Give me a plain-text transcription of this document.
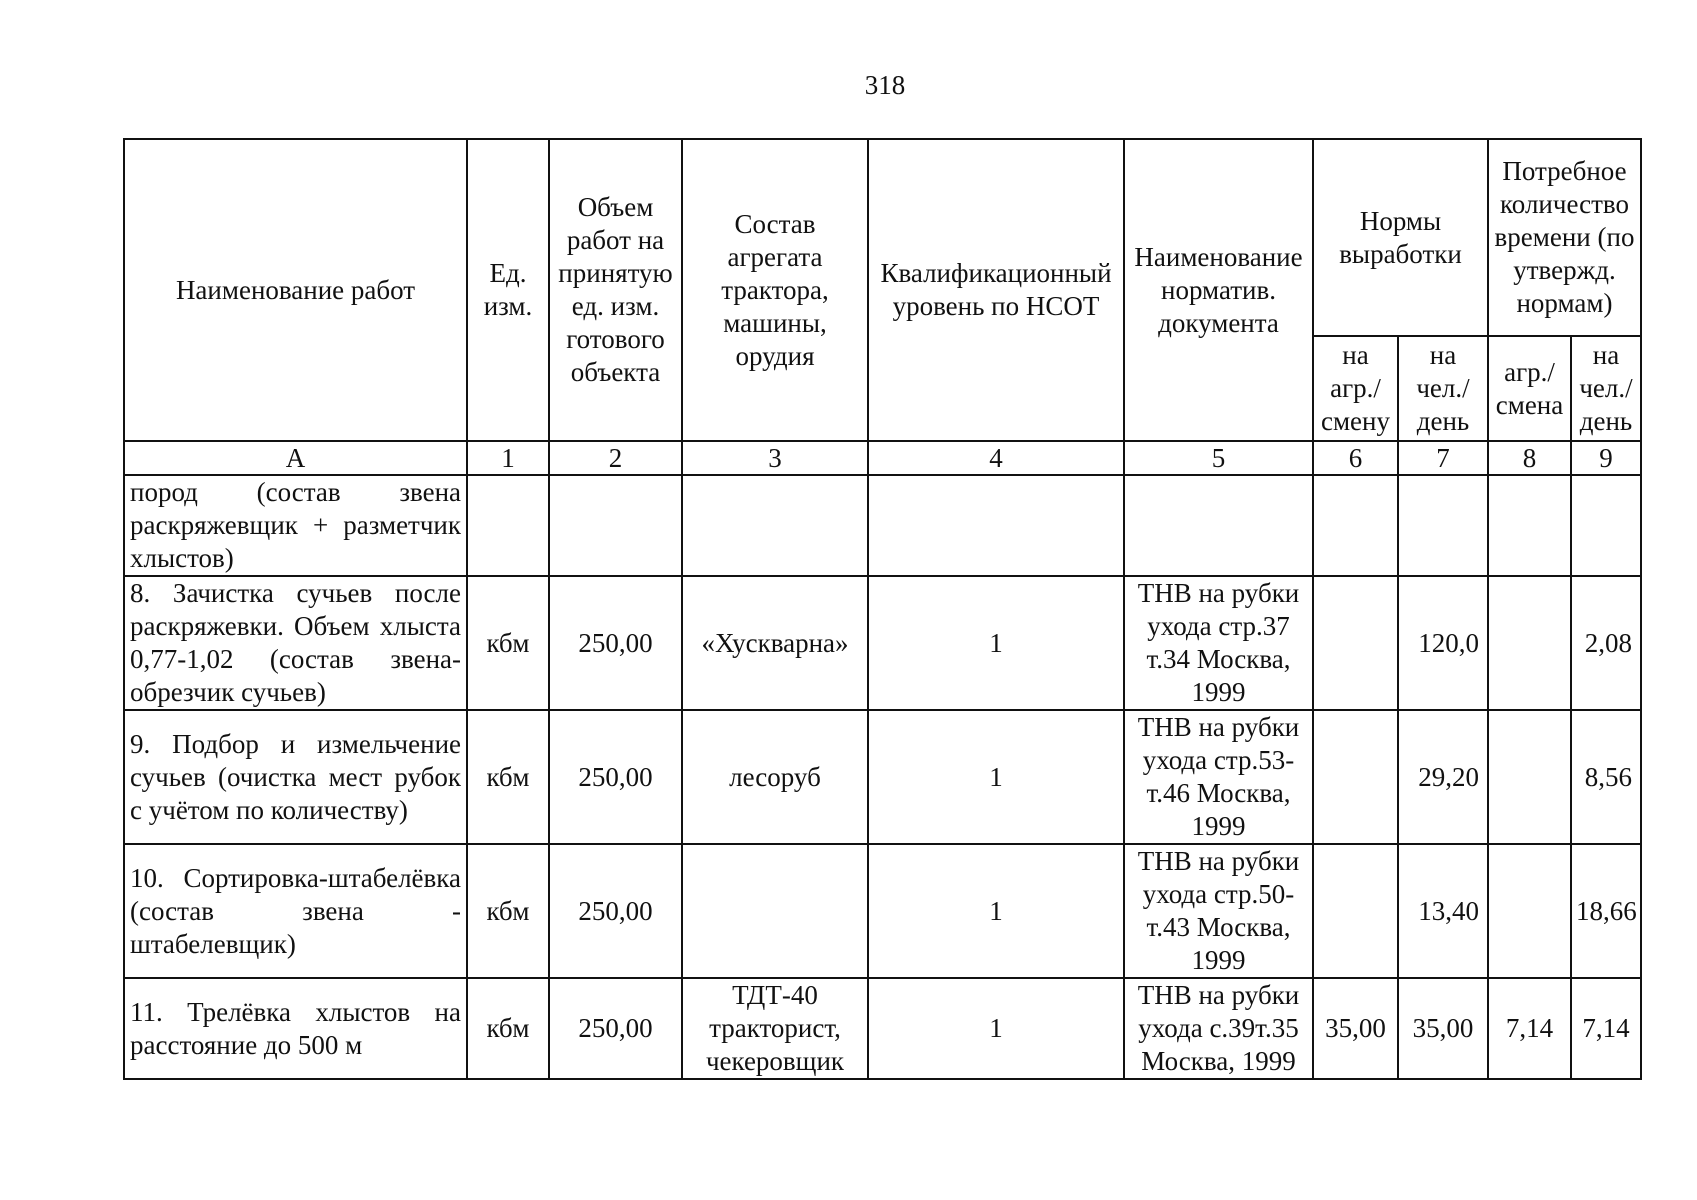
318
Наименование работ	Ед. изм.	Объем работ на принятую ед. изм. готового объекта	Состав агрегата трактора, машины, орудия	Квалификационный уровень по НСОТ	Наименование норматив. документа	Нормы выработки		Потребное количество времени (по утвержд. нормам)	
						на агр./ смену	на чел./ день	агр./ смена	на чел./ день
А	1	2	3	4	5	6	7	8	9
пород (состав звена раскряжевщик + разметчик хлыстов)									
8. Зачистка сучьев после раскряжевки. Объем хлыста 0,77-1,02 (состав звена-обрезчик сучьев)	кбм	250,00	«Хускварна»	1	ТНВ на рубки ухода стр.37 т.34 Москва, 1999		120,0		2,08
9. Подбор и измельчение сучьев (очистка мест рубок с учётом по количеству)	кбм	250,00	лесоруб	1	ТНВ на рубки ухода стр.53-т.46 Москва, 1999		29,20		8,56
10. Сортировка-штабелёвка (состав звена - штабелевщик)	кбм	250,00		1	ТНВ на рубки ухода стр.50-т.43 Москва, 1999		13,40		18,66
11. Трелёвка хлыстов на расстояние до 500 м	кбм	250,00	ТДТ-40 тракторист, чекеровщик	1	ТНВ на рубки ухода с.39т.35 Москва, 1999	35,00	35,00	7,14	7,14
